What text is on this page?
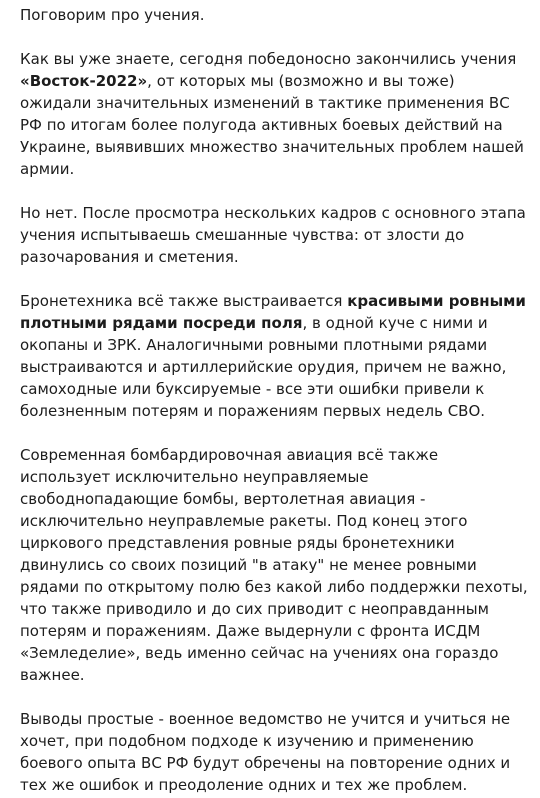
Поговорим про учения.

Как вы уже знаете, сегодня победоносно закончились учения «Восток-2022», от которых мы (возможно и вы тоже) ожидали значительных изменений в тактике применения ВС РФ по итогам более полугода активных боевых действий на Украине, выявивших множество значительных проблем нашей армии.

Но нет. После просмотра нескольких кадров с основного этапа учения испытываешь смешанные чувства: от злости до разочарования и сметения.

Бронетехника всё также выстраивается красивыми ровными плотными рядами посреди поля, в одной куче с ними и окопаны и ЗРК. Аналогичными ровными плотными рядами выстраиваются и артиллерийские орудия, причем не важно, самоходные или буксируемые - все эти ошибки привели к болезненным потерям и поражениям первых недель СВО.

Современная бомбардировочная авиация всё также использует исключительно неуправляемые свободнопадающие бомбы, вертолетная авиация - исключительно неуправлемые ракеты. Под конец этого циркового представления ровные ряды бронетехники двинулись со своих позиций "в атаку" не менее ровными рядами по открытому полю без какой либо поддержки пехоты, что также приводило и до сих приводит с неоправданным потерям и поражениям. Даже выдернули с фронта ИСДМ «Земледелие», ведь именно сейчас на учениях она гораздо важнее.

Выводы простые - военное ведомство не учится и учиться не хочет, при подобном подходе к изучению и применению боевого опыта ВС РФ будут обречены на повторение одних и тех же ошибок и преодоление одних и тех же проблем.
